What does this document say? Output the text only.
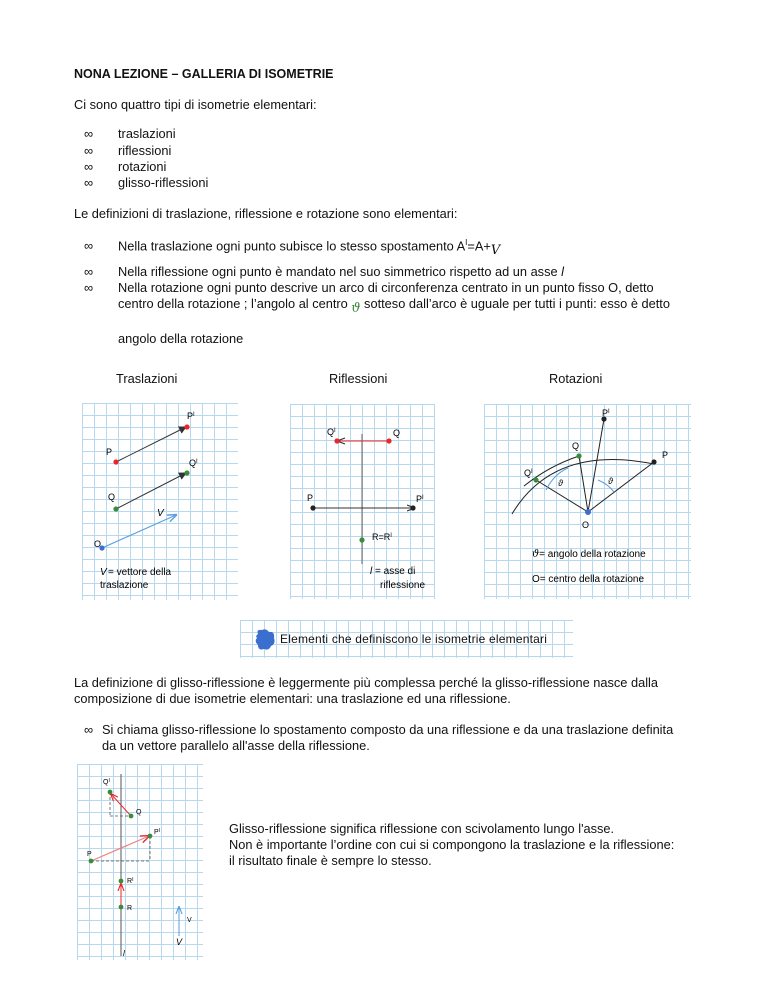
NONA LEZIONE – GALLERIA DI ISOMETRIE
Ci sono quattro tipi di isometrie elementari:
∞ traslazioni
∞ riflessioni
∞ rotazioni
∞ glisso-riflessioni
Le definizioni di traslazione, riflessione e rotazione sono elementari:
∞ Nella traslazione ogni punto subisce lo stesso spostamento $A^I=A+V$
∞ Nella riflessione ogni punto è mandato nel suo simmetrico rispetto ad un asse l
∞ Nella rotazione ogni punto descrive un arco di circonferenza centrato in un punto fisso O, detto
centro della rotazione ; l’angolo al centro ϑ sotteso dall’arco è uguale per tutti i punti: esso è detto
angolo della rotazione
Traslazioni	Riflessioni	Rotazioni
$P^I$
P
$Q^I$
Q
V
O
V = vettore della
traslazione
$Q^I$	Q
P	$P^I$
$R=R^I$
l = asse di
riflessione
$P^I$
Q
P
$Q^I$
O
ϑ	ϑ
ϑ= angolo della rotazione
O= centro della rotazione
Elementi che definiscono le isometrie elementari
La definizione di glisso-riflessione è leggermente più complessa perché la glisso-riflessione nasce dalla
composizione di due isometrie elementari: una traslazione ed una riflessione.
∞ Si chiama glisso-riflessione lo spostamento composto da una riflessione e da una traslazione definita
da un vettore parallelo all'asse della riflessione.
$Q^I$
Q
$P^I$
P
$R^I$
R
V
V
l
Glisso-riflessione significa riflessione con scivolamento lungo l'asse.
Non è importante l’ordine con cui si compongono la traslazione e la riflessione:
il risultato finale è sempre lo stesso.
